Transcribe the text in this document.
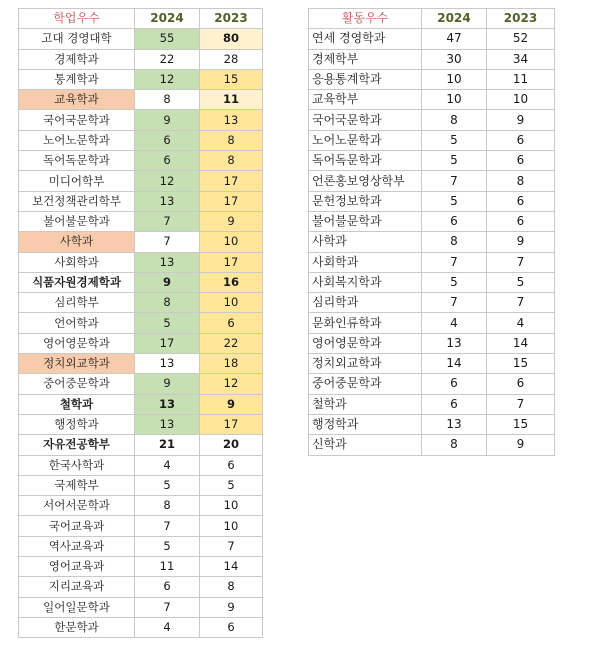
학업우수	2024	2023
고대 경영대학	55	80
경제학과	22	28
통계학과	12	15
교육학과	8	11
국어국문학과	9	13
노어노문학과	6	8
독어독문학과	6	8
미디어학부	12	17
보건정책관리학부	13	17
불어불문학과	7	9
사학과	7	10
사회학과	13	17
식품자원경제학과	9	16
심리학부	8	10
언어학과	5	6
영어영문학과	17	22
정치외교학과	13	18
중어중문학과	9	12
철학과	13	9
행정학과	13	17
자유전공학부	21	20
한국사학과	4	6
국제학부	5	5
서어서문학과	8	10
국어교육과	7	10
역사교육과	5	7
영어교육과	11	14
지리교육과	6	8
일어일문학과	7	9
한문학과	4	6
활동우수	2024	2023
연세 경영학과	47	52
경제학부	30	34
응용통계학과	10	11
교육학부	10	10
국어국문학과	8	9
노어노문학과	5	6
독어독문학과	5	6
언론홍보영상학부	7	8
문헌정보학과	5	6
불어불문학과	6	6
사학과	8	9
사회학과	7	7
사회복지학과	5	5
심리학과	7	7
문화인류학과	4	4
영어영문학과	13	14
정치외교학과	14	15
중어중문학과	6	6
철학과	6	7
행정학과	13	15
신학과	8	9
